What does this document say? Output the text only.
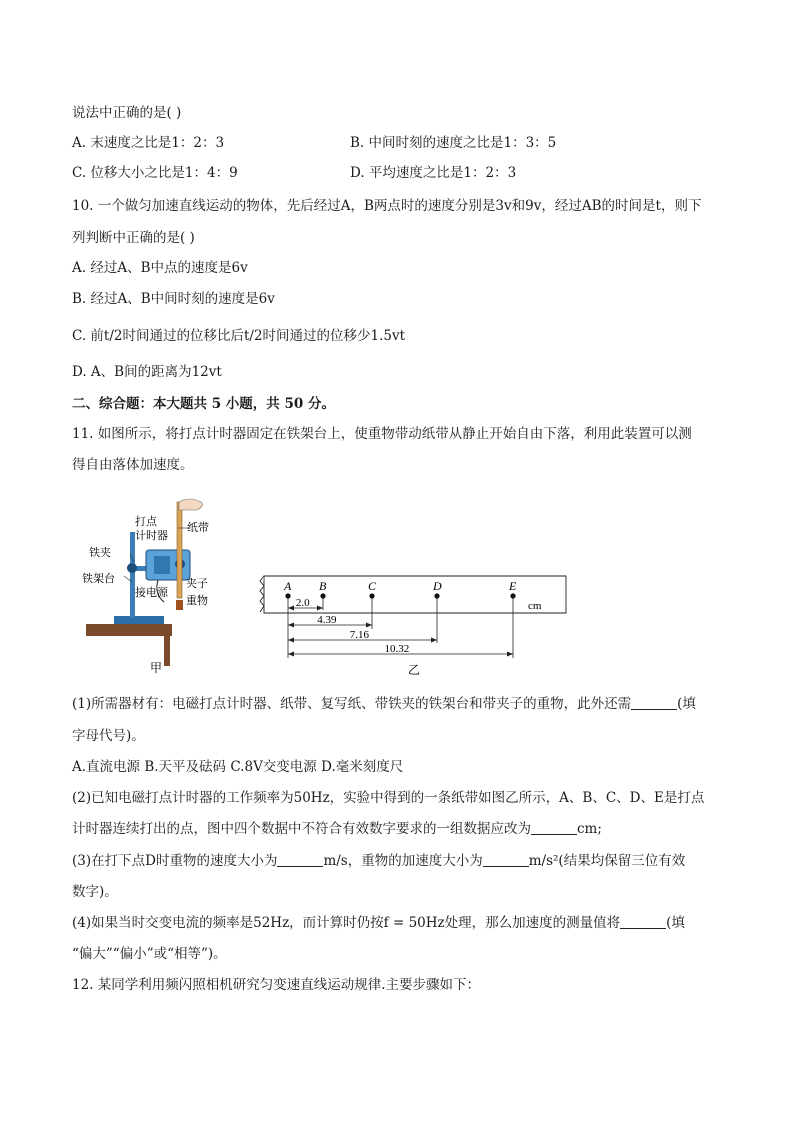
说法中正确的是( )
A. 末速度之比是1：2：3	B. 中间时刻的速度之比是1：3：5
C. 位移大小之比是1：4：9	D. 平均速度之比是1：2：3
10. 一个做匀加速直线运动的物体，先后经过A，B两点时的速度分别是3v和9v，经过AB的时间是t，则下
列判断中正确的是( )
A. 经过A、B中点的速度是6v
B. 经过A、B中间时刻的速度是6v
C. 前t/2时间通过的位移比后t/2时间通过的位移少1.5vt
D. A、B间的距离为12vt
二、综合题：本大题共 5 小题，共 50 分。
11. 如图所示，将打点计时器固定在铁架台上，使重物带动纸带从静止开始自由下落，利用此装置可以测
得自由落体加速度。
打点
计时器
纸带
铁夹
铁架台
接电源
夹子
重物
甲
A B	C	D	E
2.0
4.39
7.16
10.32
cm
乙
(1)所需器材有：电磁打点计时器、纸带、复写纸、带铁夹的铁架台和带夹子的重物，此外还需	(填
字母代号)。
A.直流电源 B.天平及砝码 C.8V交变电源 D.毫米刻度尺
(2)已知电磁打点计时器的工作频率为50Hz，实验中得到的一条纸带如图乙所示，A、B、C、D、E是打点
计时器连续打出的点，图中四个数据中不符合有效数字要求的一组数据应改为	cm;
(3)在打下点D时重物的速度大小为	m/s，重物的加速度大小为	m/s²(结果均保留三位有效
数字)。
(4)如果当时交变电流的频率是52Hz，而计算时仍按f = 50Hz处理，那么加速度的测量值将	(填
“偏大”“偏小”或“相等”)。
12. 某同学利用频闪照相机研究匀变速直线运动规律.主要步骤如下：
